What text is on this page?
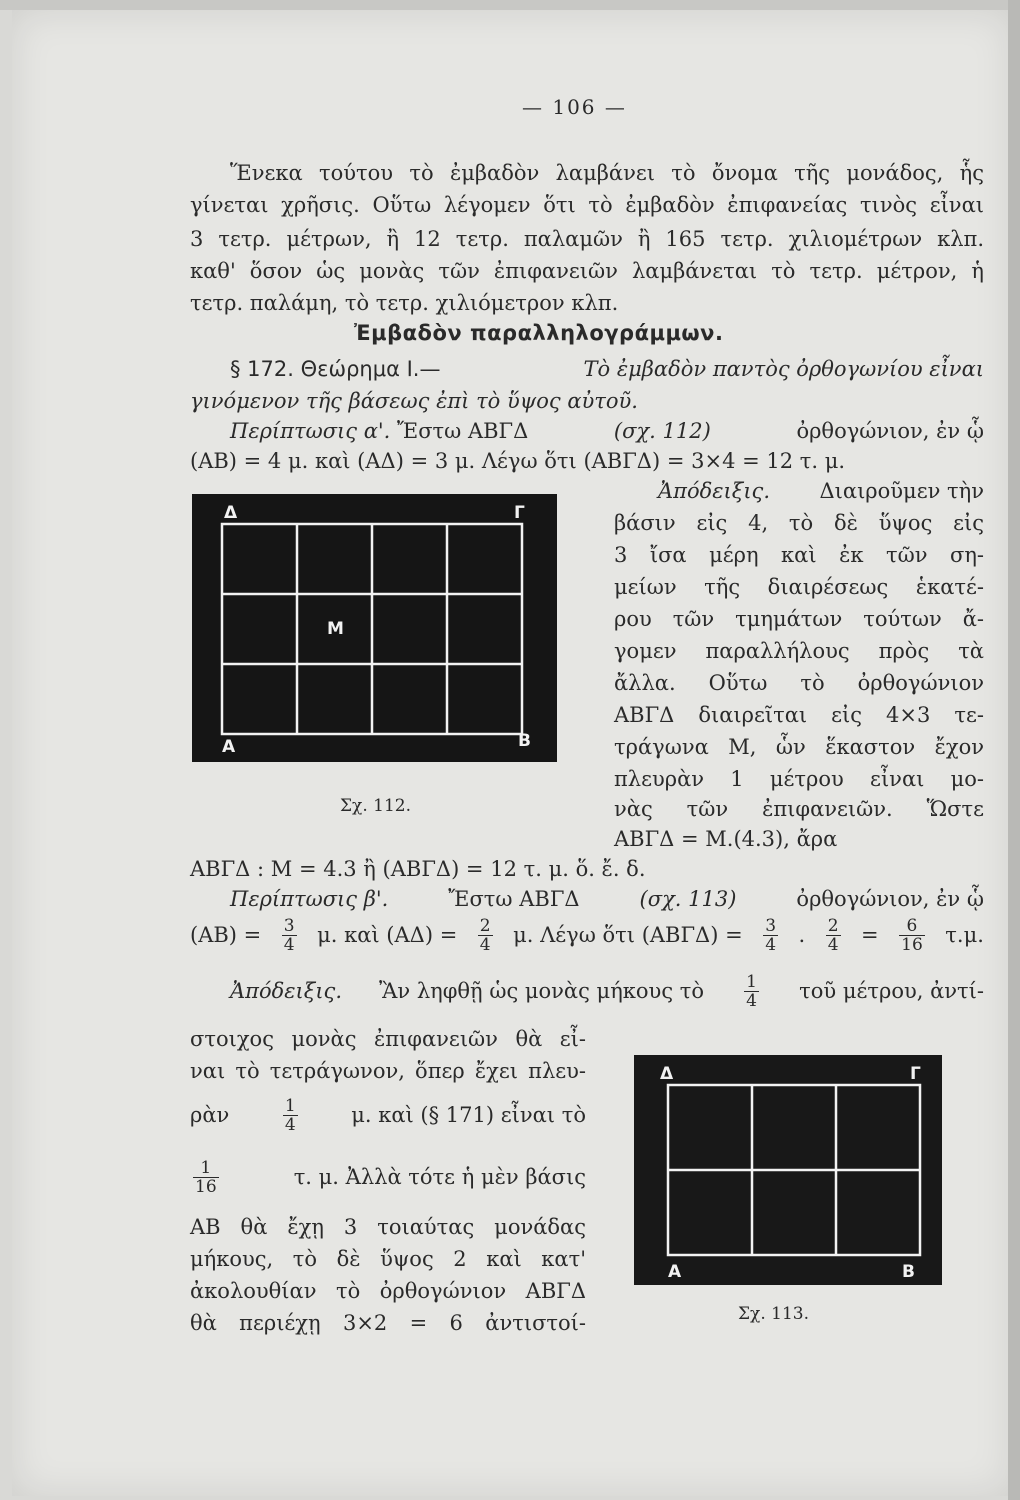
— 106 —
Ἕνεκα τούτου τὸ ἐμβαδὸν λαμβάνει τὸ ὄνομα τῆς μονάδος, ἧς
γίνεται χρῆσις. Οὕτω λέγομεν ὅτι τὸ ἐμβαδὸν ἐπιφανείας τινὸς εἶναι
3 τετρ. μέτρων, ἢ 12 τετρ. παλαμῶν ἢ 165 τετρ. χιλιομέτρων κλπ.
καθ' ὅσον ὡς μονὰς τῶν ἐπιφανειῶν λαμβάνεται τὸ τετρ. μέτρον, ἡ
τετρ. παλάμη, τὸ τετρ. χιλιόμετρον κλπ.
Ἐμβαδὸν παραλληλογράμμων.
§ 172. Θεώρημα Ι.—	Τὸ ἐμβαδὸν παντὸς ὀρθογωνίου εἶναι
γινόμενον τῆς βάσεως ἐπὶ τὸ ὕψος αὐτοῦ.
Περίπτωσις α'. Ἔστω ΑΒΓΔ	(σχ. 112)	ὀρθογώνιον, ἐν ᾧ
(ΑΒ) = 4 μ. καὶ (ΑΔ) = 3 μ. Λέγω ὅτι (ΑΒΓΔ) = 3×4 = 12 τ. μ.
Δ	Γ
Α	Β
Μ
Σχ. 112.
Ἀπόδειξις. Διαιροῦμεν τὴν
βάσιν εἰς 4, τὸ δὲ ὕψος εἰς
3 ἴσα μέρη καὶ ἐκ τῶν ση-
μείων τῆς διαιρέσεως ἑκατέ-
ρου τῶν τμημάτων τούτων ἄ-
γομεν παραλλήλους πρὸς τὰ
ἄλλα. Οὕτω τὸ ὀρθογώνιον
ΑΒΓΔ διαιρεῖται εἰς 4×3 τε-
τράγωνα Μ, ὧν ἕκαστον ἔχον
πλευρὰν 1 μέτρου εἶναι μο-
νὰς τῶν ἐπιφανειῶν. Ὥστε
ΑΒΓΔ = Μ.(4.3), ἄρα
ΑΒΓΔ : Μ = 4.3 ἢ (ΑΒΓΔ) = 12 τ. μ. ὅ. ἔ. δ.
Περίπτωσις β'.	Ἔστω ΑΒΓΔ	(σχ. 113)	ὀρθογώνιον, ἐν ᾧ
$(AB) = \frac{3}{4} \mu$. καὶ $(A\Delta) = \frac{2}{4} \mu$. Λέγω ὅτι $(AB\Gamma\Delta) = \frac{3}{4}$ . $\frac{2}{4} = \frac{6}{16} \tau.\mu$.
Ἀπόδειξις. Ἂν ληφθῇ ὡς μονὰς μήκους τὸ $\frac{1}{4}$ τοῦ μέτρου, ἀντί-
στοιχος μονὰς ἐπιφανειῶν θὰ εἶ-
ναι τὸ τετράγωνον, ὅπερ ἔχει πλευ-
ρὰν	$\frac{1}{4}$	μ. καὶ (§ 171) εἶναι τὸ
$\frac{1}{16}$	τ. μ. Ἀλλὰ τότε ἡ μὲν βάσις
ΑΒ θὰ ἔχῃ 3 τοιαύτας μονάδας
μήκους, τὸ δὲ ὕψος 2 καὶ κατ'
ἀκολουθίαν τὸ ὀρθογώνιον ΑΒΓΔ
θὰ περιέχῃ 3×2 = 6 ἀντιστοί-
Δ	Γ
Α	Β
Σχ. 113.
